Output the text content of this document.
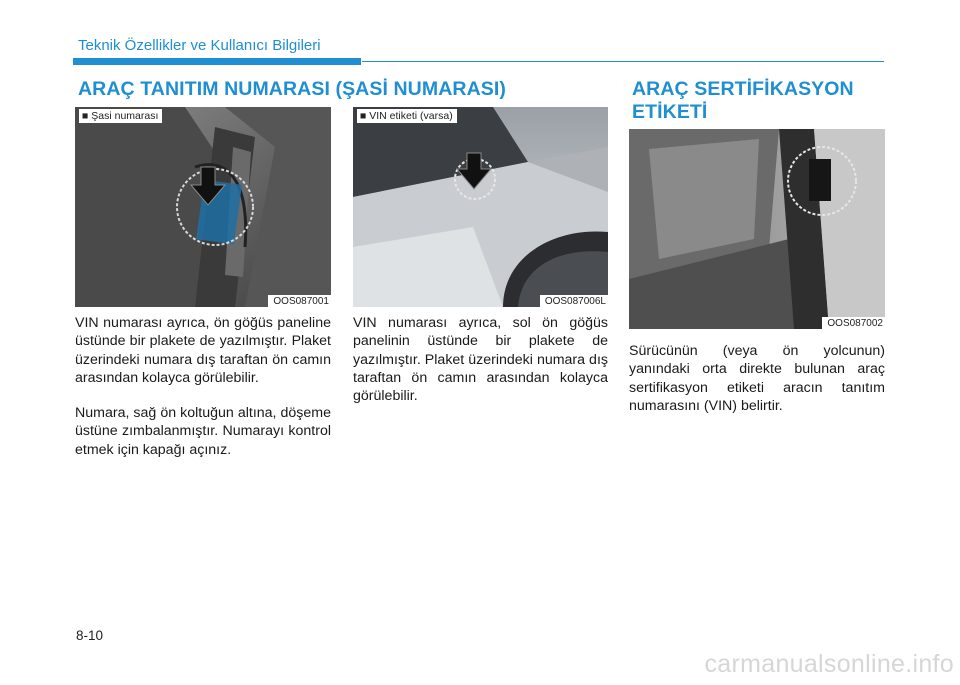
Teknik Özellikler ve Kullanıcı Bilgileri
ARAÇ TANITIM NUMARASI (ŞASİ NUMARASI)	ARAÇ SERTİFİKASYON
ETİKETİ
■ Şasi numarası
OOS087001
■ VIN etiketi (varsa)
OOS087006L
OOS087002

VIN numarası ayrıca, ön göğüs paneline üstünde bir plakete de yazılmıştır. Plaket üzerindeki numara dış taraftan ön camın arasından kolayca görülebilir.

Numara, sağ ön koltuğun altına, döşeme üstüne zımbalanmıştır. Numarayı kontrol etmek için kapağı açınız.

VIN numarası ayrıca, sol ön göğüs panelinin üstünde bir plakete de yazılmıştır. Plaket üzerindeki numara dış taraftan ön camın arasından kolayca görülebilir.

Sürücünün (veya ön yolcunun) yanındaki orta direkte bulunan araç sertifikasyon etiketi aracın tanıtım numarasını (VIN) belirtir.

8-10
carmanualsonline.info
